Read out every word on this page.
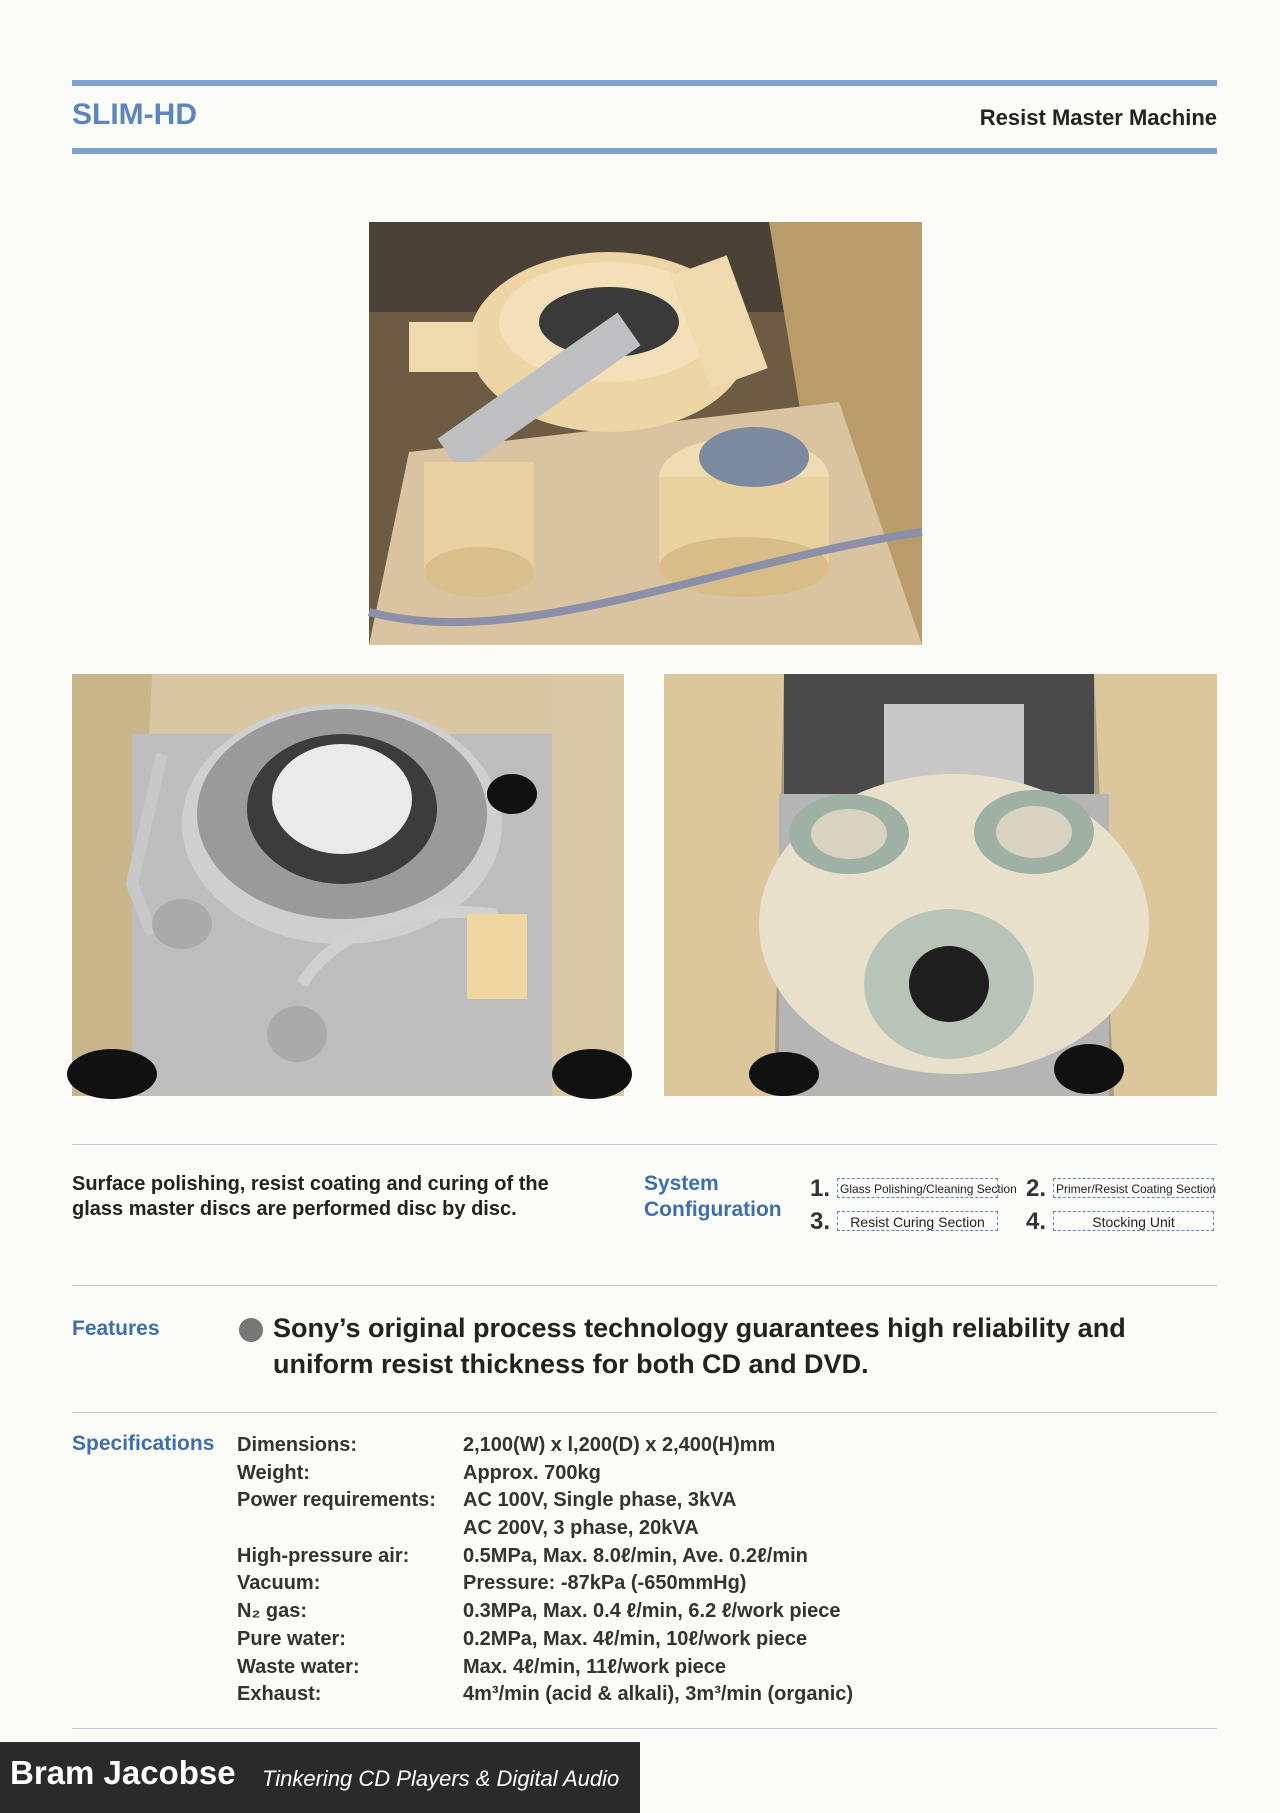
SLIM-HD	Resist Master Machine
Surface polishing, resist coating and curing of the glass master discs are performed disc by disc.
System Configuration
1. Glass Polishing/Cleaning Section 2. Primer/Resist Coating Section
3.	Resist Curing Section	4.	Stocking Unit
Features	Sony’s original process technology guarantees high reliability and uniform resist thickness for both CD and DVD.
Specifications Dimensions:	2,100(W) x l,200(D) x 2,400(H)mm
Weight:	Approx. 700kg
Power requirements:	AC 100V, Single phase, 3kVA
AC 200V, 3 phase, 20kVA
High-pressure air:	0.5MPa, Max. 8.0ℓ/min, Ave. 0.2ℓ/min
Vacuum:	Pressure: -87kPa (-650mmHg)
N₂ gas:	0.3MPa, Max. 0.4 ℓ/min, 6.2 ℓ/work piece
Pure water:	0.2MPa, Max. 4ℓ/min, 10ℓ/work piece
Waste water:	Max. 4ℓ/min, 11ℓ/work piece
Exhaust:	4m³/min (acid & alkali), 3m³/min (organic)
Bram Jacobse Tinkering CD Players & Digital Audio
